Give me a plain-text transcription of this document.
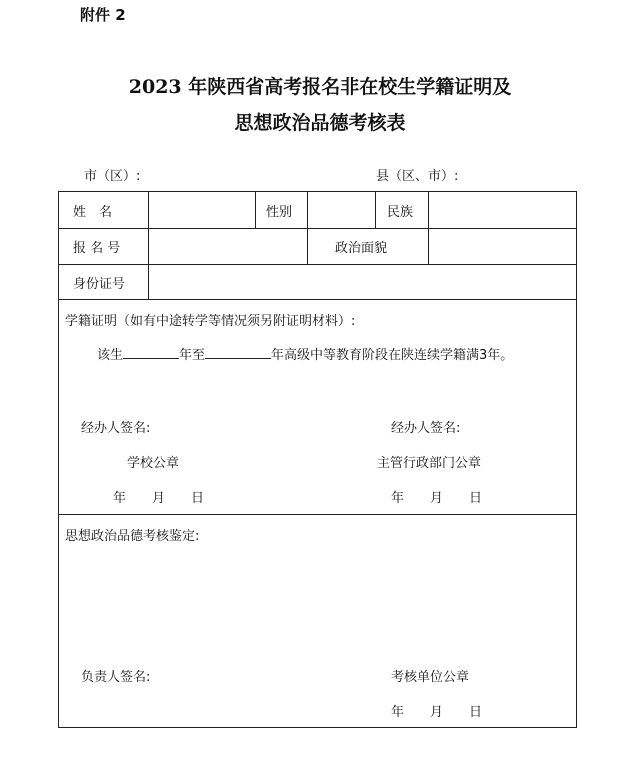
附件 2
2023 年陕西省高考报名非在校生学籍证明及
思想政治品德考核表
市（区）:	县（区、市）:
姓　名	性别	民族
报 名 号	政治面貌
身份证号
学籍证明（如有中途转学等情况须另附证明材料）:
该生	年至	年高级中等教育阶段在陕连续学籍满3年。
经办人签名:	经办人签名:
学校公章	主管行政部门公章
年　　月　　日	年　　月　　日
思想政治品德考核鉴定:
负责人签名:	考核单位公章
年　　月　　日
